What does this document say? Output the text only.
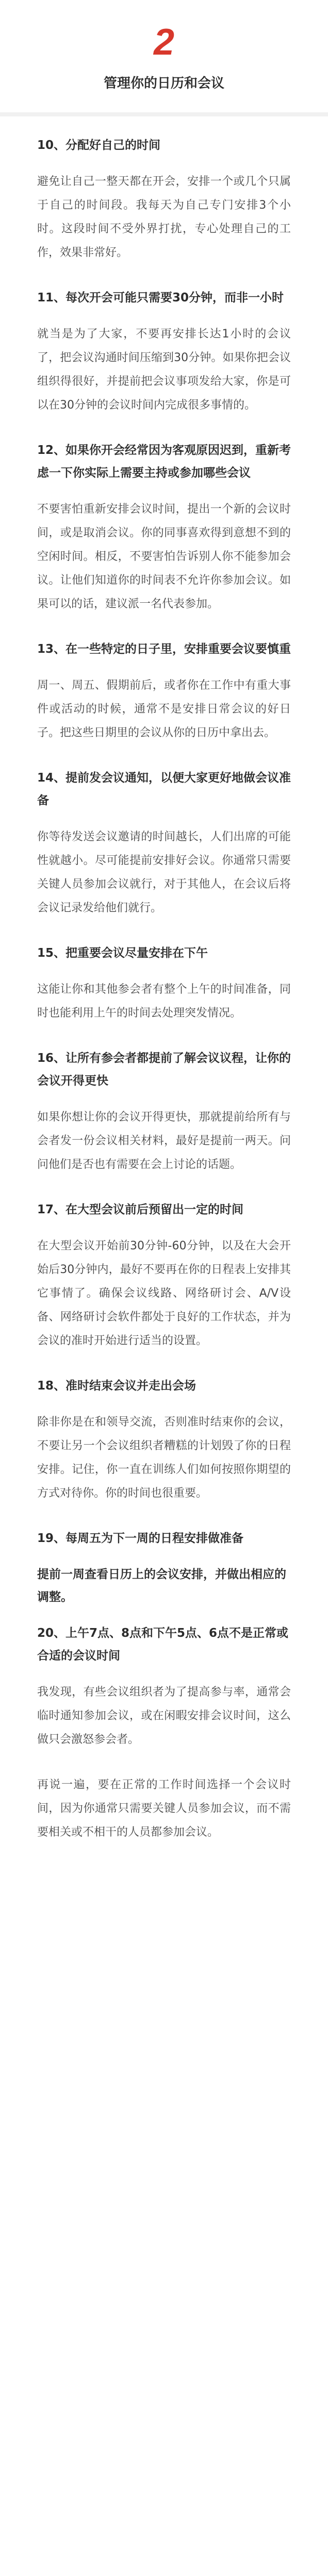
2
管理你的日历和会议
10、分配好自己的时间
避免让自己一整天都在开会，安排一个或几个只属于自己的时间段。我每天为自己专门安排3个小时。这段时间不受外界打扰，专心处理自己的工作，效果非常好。
11、每次开会可能只需要30分钟，而非一小时
就当是为了大家，不要再安排长达1小时的会议了，把会议沟通时间压缩到30分钟。如果你把会议组织得很好，并提前把会议事项发给大家，你是可以在30分钟的会议时间内完成很多事情的。
12、如果你开会经常因为客观原因迟到，重新考虑一下你实际上需要主持或参加哪些会议
不要害怕重新安排会议时间，提出一个新的会议时间，或是取消会议。你的同事喜欢得到意想不到的空闲时间。相反，不要害怕告诉别人你不能参加会议。让他们知道你的时间表不允许你参加会议。如果可以的话，建议派一名代表参加。
13、在一些特定的日子里，安排重要会议要慎重
周一、周五、假期前后，或者你在工作中有重大事件或活动的时候，通常不是安排日常会议的好日子。把这些日期里的会议从你的日历中拿出去。
14、提前发会议通知，以便大家更好地做会议准备
你等待发送会议邀请的时间越长，人们出席的可能性就越小。尽可能提前安排好会议。你通常只需要关键人员参加会议就行，对于其他人，在会议后将会议记录发给他们就行。
15、把重要会议尽量安排在下午
这能让你和其他参会者有整个上午的时间准备，同时也能利用上午的时间去处理突发情况。
16、让所有参会者都提前了解会议议程，让你的会议开得更快
如果你想让你的会议开得更快，那就提前给所有与会者发一份会议相关材料，最好是提前一两天。问问他们是否也有需要在会上讨论的话题。
17、在大型会议前后预留出一定的时间
在大型会议开始前30分钟-60分钟，以及在大会开始后30分钟内，最好不要再在你的日程表上安排其它事情了。确保会议线路、网络研讨会、A/V设备、网络研讨会软件都处于良好的工作状态，并为会议的准时开始进行适当的设置。
18、准时结束会议并走出会场
除非你是在和领导交流，否则准时结束你的会议，不要让另一个会议组织者糟糕的计划毁了你的日程安排。记住，你一直在训练人们如何按照你期望的方式对待你。你的时间也很重要。
19、每周五为下一周的日程安排做准备
提前一周查看日历上的会议安排，并做出相应的调整。
20、上午7点、8点和下午5点、6点不是正常或合适的会议时间
我发现，有些会议组织者为了提高参与率，通常会临时通知参加会议，或在闲暇安排会议时间，这么做只会激怒参会者。
再说一遍，要在正常的工作时间选择一个会议时间，因为你通常只需要关键人员参加会议，而不需要相关或不相干的人员都参加会议。
